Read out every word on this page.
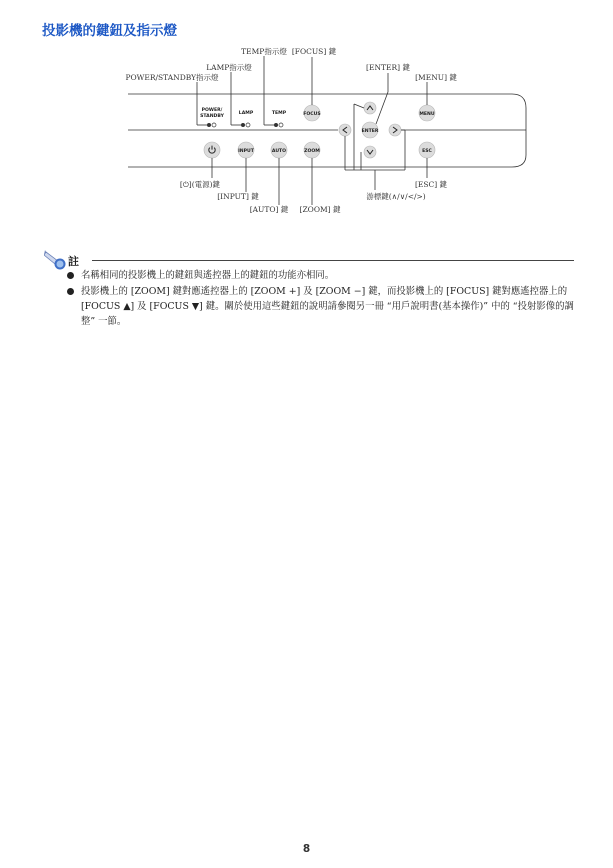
投影機的鍵鈕及指示燈
POWER/
STANDBY
LAMP	TEMP	FOCUS
ENTER
MENU
INPUT	AUTO	ZOOM	ESC
TEMP指示燈 [FOCUS] 鍵
LAMP指示燈	[ENTER] 鍵
POWER/STANDBY指示燈	[MENU] 鍵
[⏻](電源)鍵	[ESC] 鍵
[INPUT] 鍵	游標鍵(∧/∨/</>)
[AUTO] 鍵 [ZOOM] 鍵
註
名稱相同的投影機上的鍵鈕與遙控器上的鍵鈕的功能亦相同。
投影機上的 [ZOOM] 鍵對應遙控器上的 [ZOOM +] 及 [ZOOM −] 鍵，而投影機上的 [FOCUS] 鍵對應遙控器上的 [FOCUS ▲] 及 [FOCUS ▼] 鍵。關於使用這些鍵鈕的說明請參閱另一冊 “用戶說明書(基本操作)” 中的 “投射影像的調整” 一節。
8
